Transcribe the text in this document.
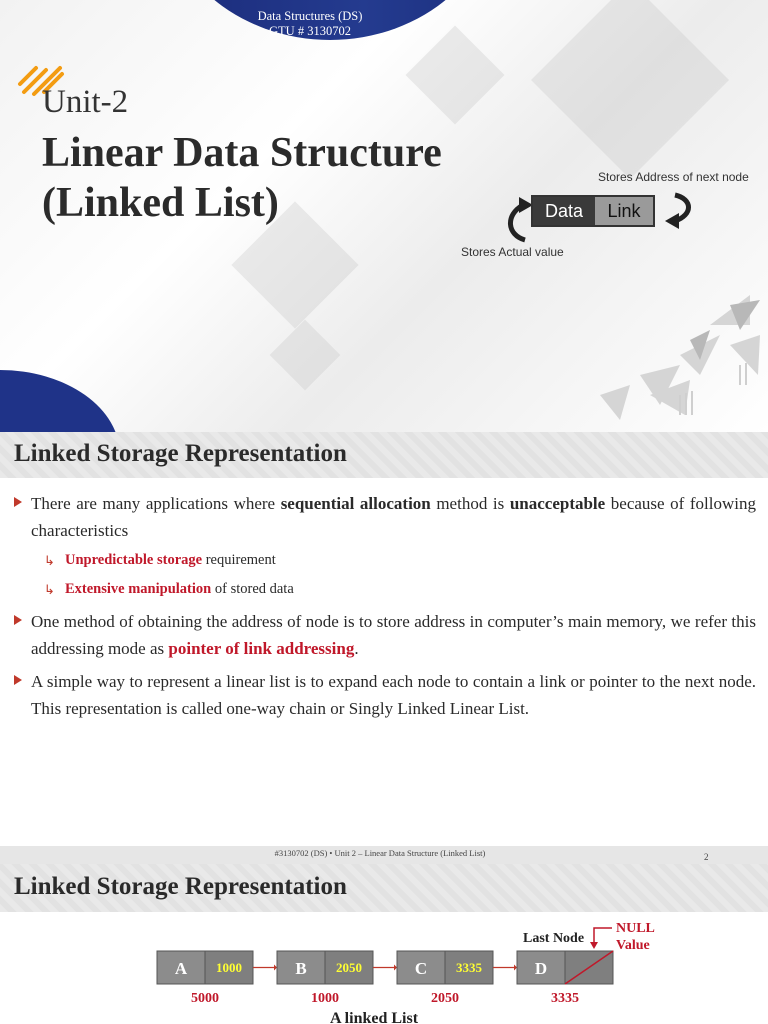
Data Structures (DS)
GTU # 3130702
Unit-2
Linear Data Structure (Linked List)
Stores Address of next node
Stores Actual value
Data	Link
Linked Storage Representation
There are many applications where sequential allocation method is unacceptable because of following characteristics
↳ Unpredictable storage requirement
↳ Extensive manipulation of stored data
One method of obtaining the address of node is to store address in computer’s main memory, we refer this addressing mode as pointer of link addressing.
A simple way to represent a linear list is to expand each node to contain a link or pointer to the next node. This representation is called one-way chain or Singly Linked Linear List.
#3130702 (DS) • Unit 2 – Linear Data Structure (Linked List)	2
Linked Storage Representation
Last Node
NULL
Value
A 1000
5000
B 2050
1000
C 3335
2050
D
3335
A linked List
